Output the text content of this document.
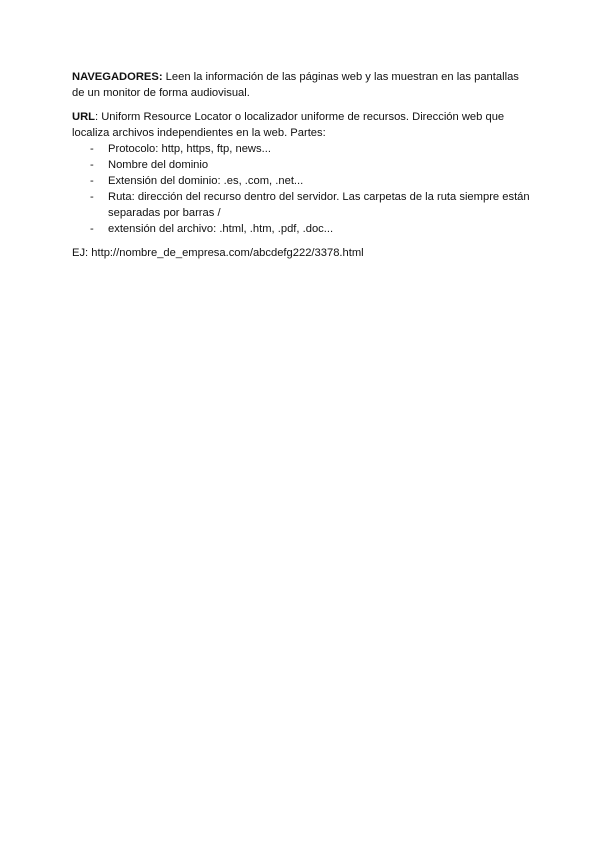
NAVEGADORES: Leen la información de las páginas web y las muestran en las pantallas de un monitor de forma audiovisual.

URL: Uniform Resource Locator o localizador uniforme de recursos. Dirección web que localiza archivos independientes en la web. Partes:

- Protocolo: http, https, ftp, news...
- Nombre del dominio
- Extensión del dominio: .es, .com, .net...
- Ruta: dirección del recurso dentro del servidor. Las carpetas de la ruta siempre están separadas por barras /
- extensión del archivo: .html, .htm, .pdf, .doc...

EJ: http://nombre_de_empresa.com/abcdefg222/3378.html
